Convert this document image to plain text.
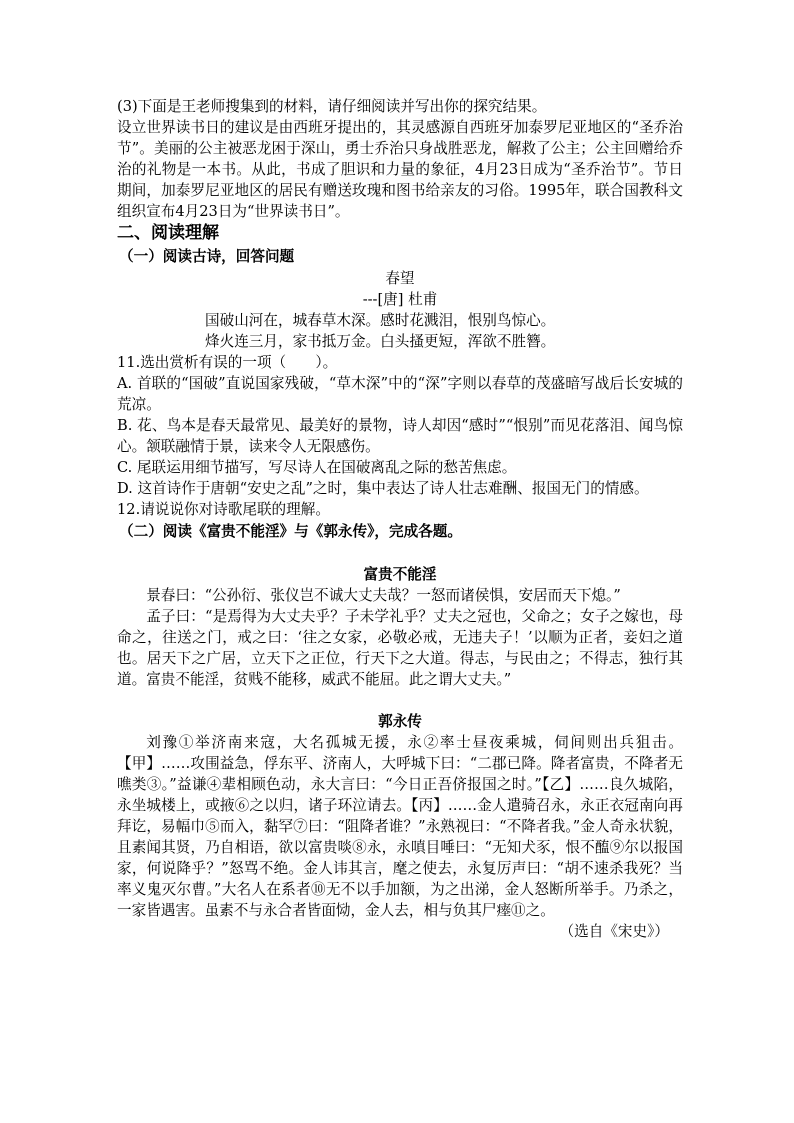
(3)下面是王老师搜集到的材料，请仔细阅读并写出你的探究结果。

设立世界读书日的建议是由西班牙提出的，其灵感源自西班牙加泰罗尼亚地区的“圣乔治节”。美丽的公主被恶龙困于深山，勇士乔治只身战胜恶龙，解救了公主；公主回赠给乔治的礼物是一本书。从此，书成了胆识和力量的象征，4月23日成为“圣乔治节”。节日期间，加泰罗尼亚地区的居民有赠送玫瑰和图书给亲友的习俗。1995年，联合国教科文组织宣布4月23日为“世界读书日”。

二、阅读理解

（一）阅读古诗，回答问题

春望

---[唐] 杜甫

国破山河在，城春草木深。感时花溅泪，恨别鸟惊心。

烽火连三月，家书抵万金。白头搔更短，浑欲不胜簪。

11.选出赏析有误的一项（　　）。

A. 首联的“国破”直说国家残破，“草木深”中的“深”字则以春草的茂盛暗写战后长安城的荒凉。

B. 花、鸟本是春天最常见、最美好的景物，诗人却因“感时”“恨别”而见花落泪、闻鸟惊心。颔联融情于景，读来令人无限感伤。

C. 尾联运用细节描写，写尽诗人在国破离乱之际的愁苦焦虑。

D. 这首诗作于唐朝“安史之乱”之时，集中表达了诗人壮志难酬、报国无门的情感。

12.请说说你对诗歌尾联的理解。

（二）阅读《富贵不能淫》与《郭永传》，完成各题。

富贵不能淫

景春曰：“公孙衍、张仪岂不诚大丈夫哉？一怒而诸侯惧，安居而天下熄。”

孟子曰：“是焉得为大丈夫乎？子未学礼乎？丈夫之冠也，父命之；女子之嫁也，母命之，往送之门，戒之曰：‘往之女家，必敬必戒，无违夫子！’以顺为正者，妾妇之道也。居天下之广居，立天下之正位，行天下之大道。得志，与民由之；不得志，独行其道。富贵不能淫，贫贱不能移，威武不能屈。此之谓大丈夫。”

郭永传

刘豫①举济南来寇，大名孤城无援，永②率士昼夜乘城，伺间则出兵狙击。【甲】……攻围益急，俘东平、济南人，大呼城下曰：“二郡已降。降者富贵，不降者无噍类③。”益谦④辈相顾色动，永大言曰：“今日正吾侪报国之时。”【乙】……良久城陷，永坐城楼上，或掖⑥之以归，诸子环泣请去。【丙】……金人遣骑召永，永正衣冠南向再拜讫，易幅巾⑤而入，黏罕⑦曰：“阻降者谁？”永熟视曰：“不降者我。”金人奇永状貌，且素闻其贤，乃自相语，欲以富贵啖⑧永，永嗔目唾曰：“无知犬豕，恨不醢⑨尔以报国家，何说降乎？”怒骂不绝。金人讳其言，麾之使去，永复厉声曰：“胡不速杀我死？当率义鬼灭尔曹。”大名人在系者⑩无不以手加额，为之出涕，金人怒断所举手。乃杀之，一家皆遇害。虽素不与永合者皆面恸，金人去，相与负其尸瘗⑪之。

（选自《宋史》）
